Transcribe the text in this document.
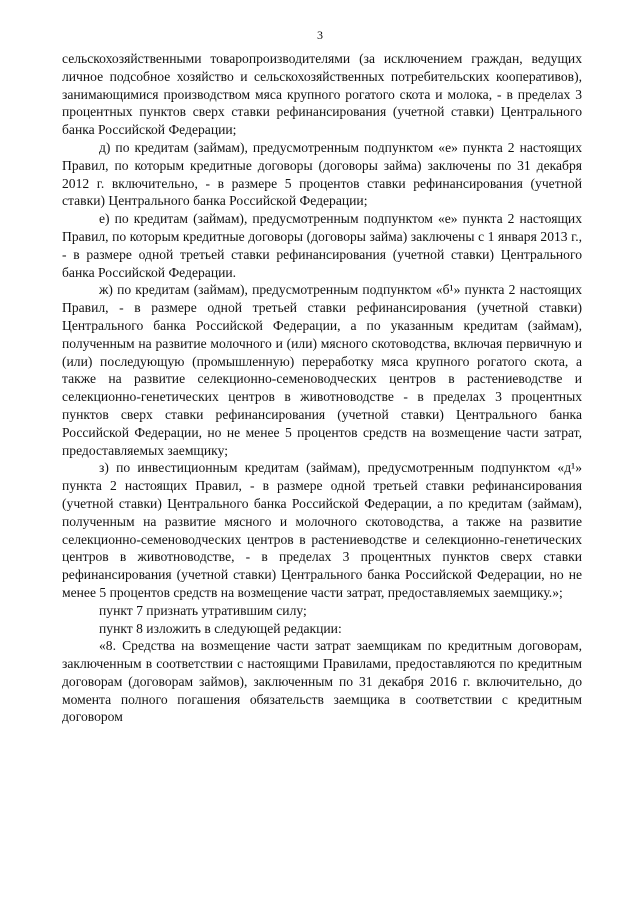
3

сельскохозяйственными товаропроизводителями (за исключением граждан, ведущих личное подсобное хозяйство и сельскохозяйственных потребительских кооперативов), занимающимися производством мяса крупного рогатого скота и молока, - в пределах 3 процентных пунктов сверх ставки рефинансирования (учетной ставки) Центрального банка Российской Федерации;

д) по кредитам (займам), предусмотренным подпунктом «е» пункта 2 настоящих Правил, по которым кредитные договоры (договоры займа) заключены по 31 декабря 2012 г. включительно, - в размере 5 процентов ставки рефинансирования (учетной ставки) Центрального банка Российской Федерации;

е) по кредитам (займам), предусмотренным подпунктом «е» пункта 2 настоящих Правил, по которым кредитные договоры (договоры займа) заключены с 1 января 2013 г., - в размере одной третьей ставки рефинансирования (учетной ставки) Центрального банка Российской Федерации.

ж) по кредитам (займам), предусмотренным подпунктом «б¹» пункта 2 настоящих Правил, - в размере одной третьей ставки рефинансирования (учетной ставки) Центрального банка Российской Федерации, а по указанным кредитам (займам), полученным на развитие молочного и (или) мясного скотоводства, включая первичную и (или) последующую (промышленную) переработку мяса крупного рогатого скота, а также на развитие селекционно-семеноводческих центров в растениеводстве и селекционно-генетических центров в животноводстве - в пределах 3 процентных пунктов сверх ставки рефинансирования (учетной ставки) Центрального банка Российской Федерации, но не менее 5 процентов средств на возмещение части затрат, предоставляемых заемщику;

з) по инвестиционным кредитам (займам), предусмотренным подпунктом «д¹» пункта 2 настоящих Правил, - в размере одной третьей ставки рефинансирования (учетной ставки) Центрального банка Российской Федерации, а по кредитам (займам), полученным на развитие мясного и молочного скотоводства, а также на развитие селекционно-семеноводческих центров в растениеводстве и селекционно-генетических центров в животноводстве, - в пределах 3 процентных пунктов сверх ставки рефинансирования (учетной ставки) Центрального банка Российской Федерации, но не менее 5 процентов средств на возмещение части затрат, предоставляемых заемщику.»;

пункт 7 признать утратившим силу;

пункт 8 изложить в следующей редакции:

«8. Средства на возмещение части затрат заемщикам по кредитным договорам, заключенным в соответствии с настоящими Правилами, предоставляются по кредитным договорам (договорам займов), заключенным по 31 декабря 2016 г. включительно, до момента полного погашения обязательств заемщика в соответствии с кредитным договором
